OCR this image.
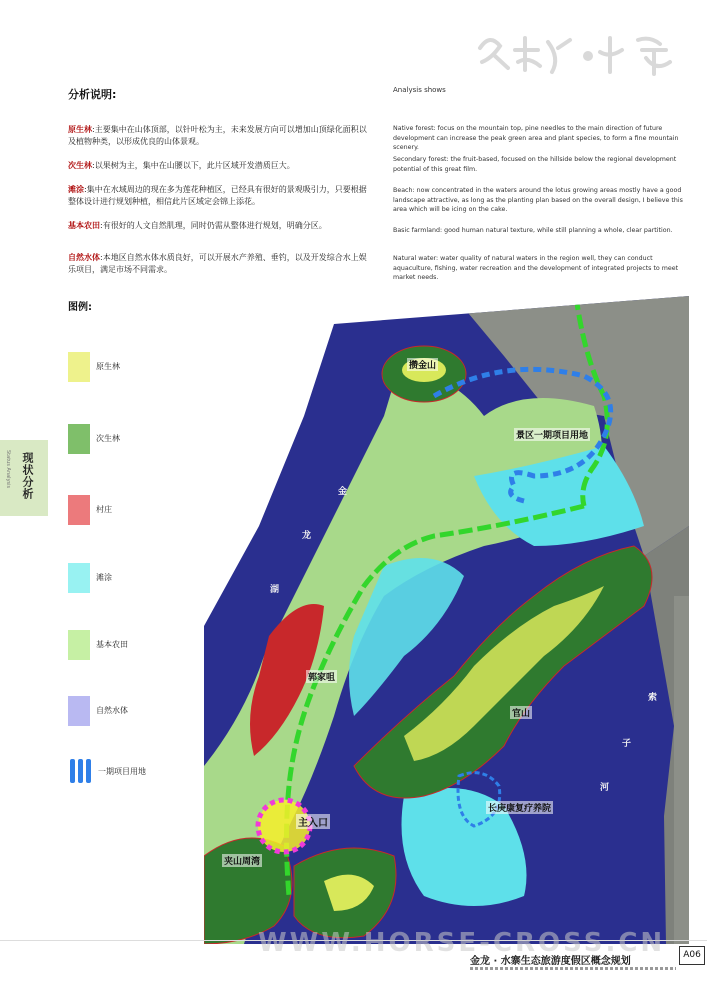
分析说明:	Analysis shows
原生林:主要集中在山体顶部，以针叶松为主，未来发展方向可以增加山顶绿化面积以及植物种类，以形成优良的山体景观。
次生林:以果树为主，集中在山腰以下，此片区域开发潜质巨大。
滩涂:集中在水域周边的现在多为莲花种植区，已经具有很好的景观吸引力，只要根据整体设计进行规划种植，相信此片区域定会锦上添花。
基本农田:有很好的人文自然肌理，同时仍需从整体进行规划，明确分区。
自然水体:本地区自然水体水质良好，可以开展水产养殖、垂钓，以及开发综合水上娱乐项目，满足市场不同需求。
Native forest: focus on the mountain top, pine needles to the main direction of future development can increase the peak green area and plant species, to form a fine mountain scenery.
Secondary forest: the fruit-based, focused on the hillside below the regional development potential of this great film.
Beach: now concentrated in the waters around the lotus growing areas mostly have a good landscape attractive, as long as the planting plan based on the overall design, I believe this area which will be icing on the cake.
Basic farmland: good human natural texture, while still planning a whole, clear partition.
Natural water: water quality of natural waters in the region well, they can conduct aquaculture, fishing, water recreation and the development of integrated projects to meet market needs.
图例:
原生林
次生林
村庄
滩涂
基本农田
自然水体
一期项目用地
Status Analysis 现状分析
攒金山
景区一期项目用地
郭家咀
官山
主入口
夹山周湾
长庚康复疗养院
金
龙
湖
索
子
河
WWW.HORSE-CROSS.CN
金龙 · 水寨生态旅游度假区概念规划
A06
